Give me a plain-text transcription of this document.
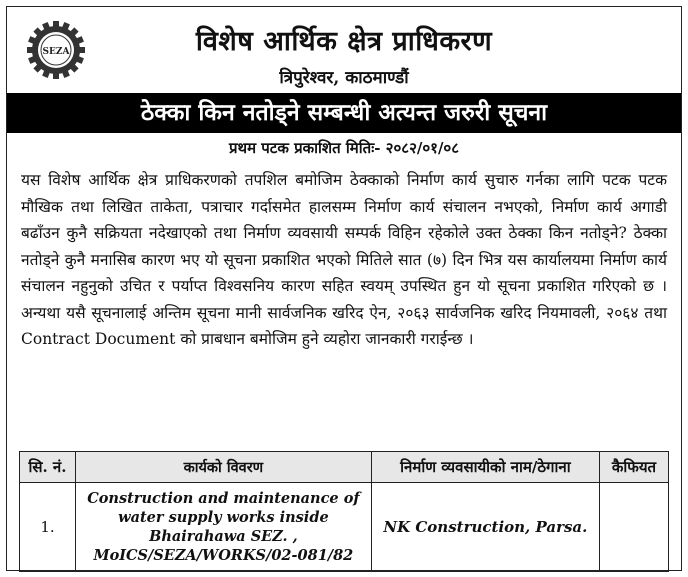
SEZA	विशेष आर्थिक क्षेत्र प्राधिकरण
त्रिपुरेश्वर, काठमाण्डौं
ठेक्का किन नतोड्ने सम्बन्धी अत्यन्त जरुरी सूचना
प्रथम पटक प्रकाशित मितिः- २०८२/०१/०८
यस विशेष आर्थिक क्षेत्र प्राधिकरणको तपशिल बमोजिम ठेक्काको निर्माण कार्य सुचारु गर्नका लागि पटक पटक मौखिक तथा लिखित ताकेता, पत्राचार गर्दासमेत हालसम्म निर्माण कार्य संचालन नभएको, निर्माण कार्य अगाडी बढाँउन कुनै सक्रियता नदेखाएको तथा निर्माण व्यवसायी सम्पर्क विहिन रहेकोले उक्त ठेक्का किन नतोड्ने? ठेक्का नतोड्ने कुनै मनासिब कारण भए यो सूचना प्रकाशित भएको मितिले सात (७) दिन भित्र यस कार्यालयमा निर्माण कार्य संचालन नहुनुको उचित र पर्याप्त विश्वसनिय कारण सहित स्वयम् उपस्थित हुन यो सूचना प्रकाशित गरिएको छ । अन्यथा यसै सूचनालाई अन्तिम सूचना मानी सार्वजनिक खरिद ऐन, २०६३ सार्वजनिक खरिद नियमावली, २०६४ तथा Contract Document को प्राबधान बमोजिम हुने व्यहोरा जानकारी गराईन्छ ।
सि. नं.	कार्यको विवरण	निर्माण व्यवसायीको नाम/ठेगाना	कैफियत
1.	Construction and maintenance of
water supply works inside
Bhairahawa SEZ. ,
MoICS/SEZA/WORKS/02-081/82	NK Construction, Parsa.	
